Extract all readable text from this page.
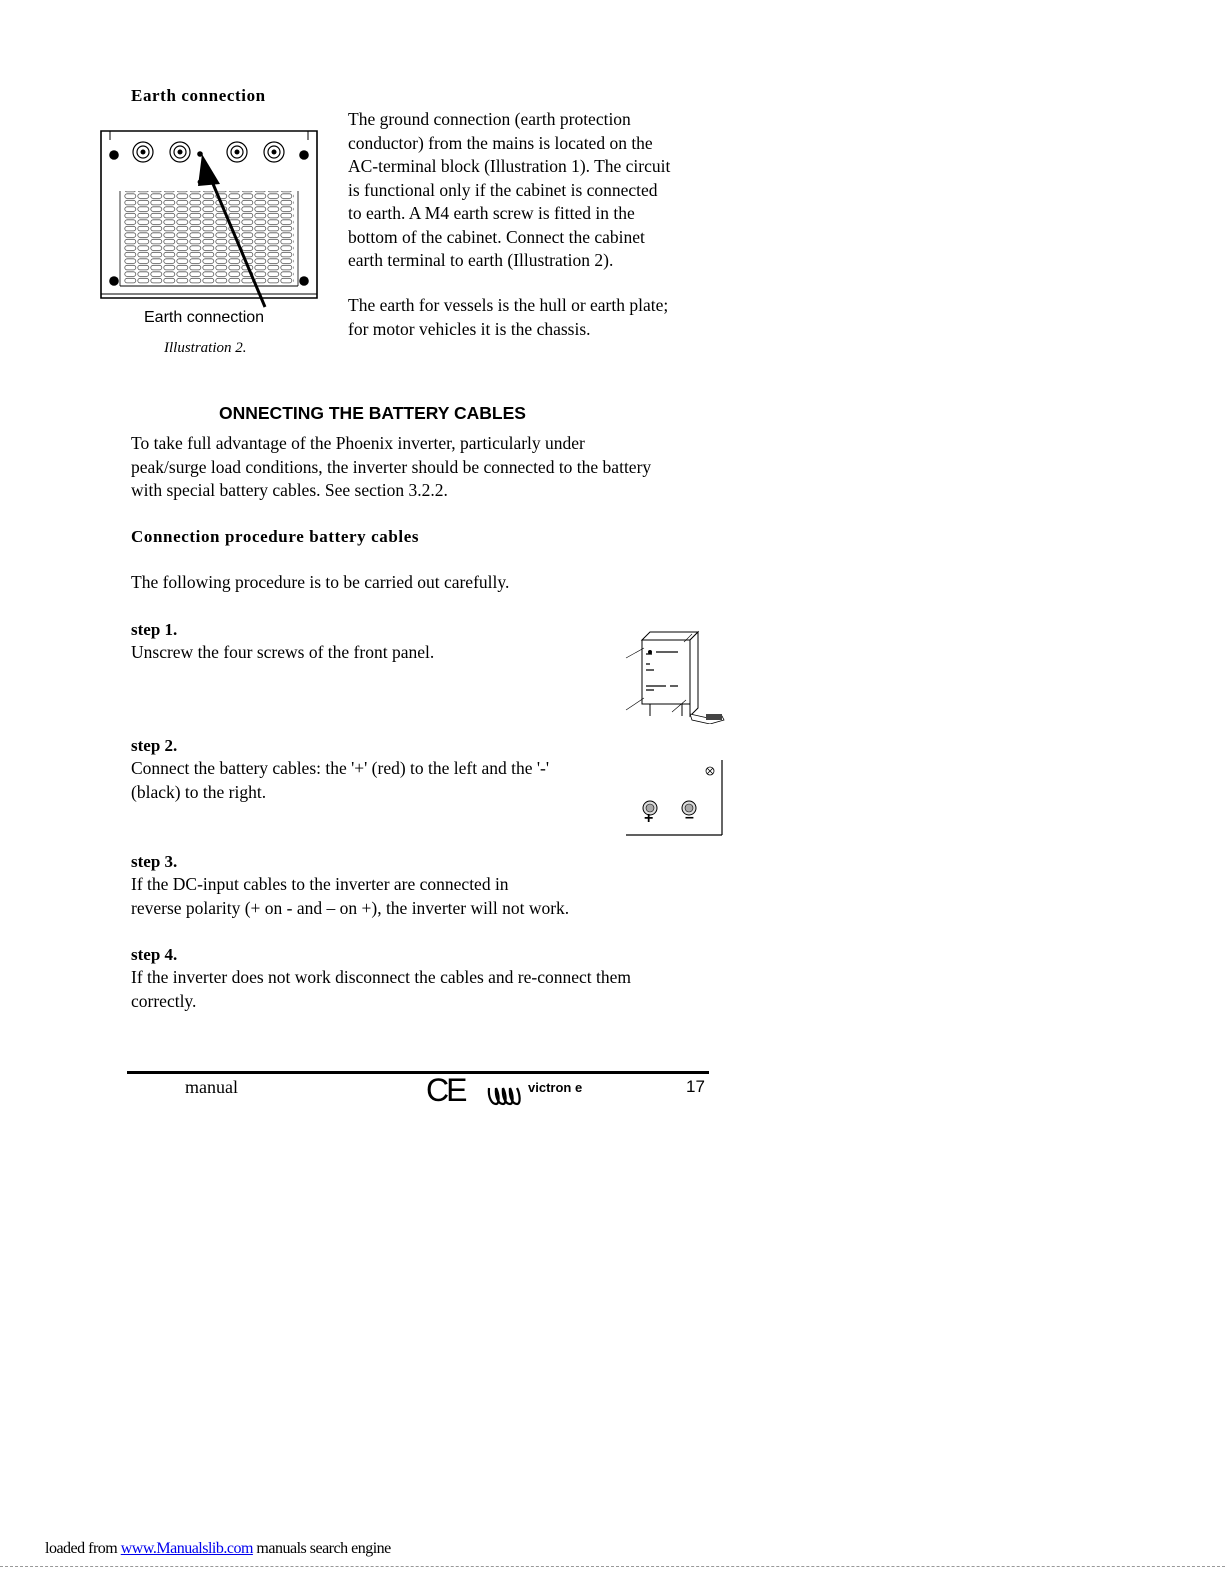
Earth connection
The ground connection (earth protection
conductor) from the mains is located on the
AC-terminal block (Illustration 1). The circuit
is functional only if the cabinet is connected
to earth. A M4 earth screw is fitted in the
bottom of the cabinet. Connect the cabinet
earth terminal to earth (Illustration 2).
The earth for vessels is the hull or earth plate;
for motor vehicles it is the chassis.
Earth connection
Illustration 2.
ONNECTING THE BATTERY CABLES
To take full advantage of the Phoenix inverter, particularly under
peak/surge load conditions, the inverter should be connected to the battery
with special battery cables. See section 3.2.2.
Connection procedure battery cables
The following procedure is to be carried out carefully.
step 1.
Unscrew the four screws of the front panel.
step 2.
Connect the battery cables: the '+' (red) to the left and the '-'
(black) to the right.
+ –
step 3.
If the DC-input cables to the inverter are connected in
reverse polarity (+ on - and – on +), the inverter will not work.
step 4.
If the inverter does not work disconnect the cables and re-connect them
correctly.
manual	CE	victron e	17
loaded from www.Manualslib.com manuals search engine
